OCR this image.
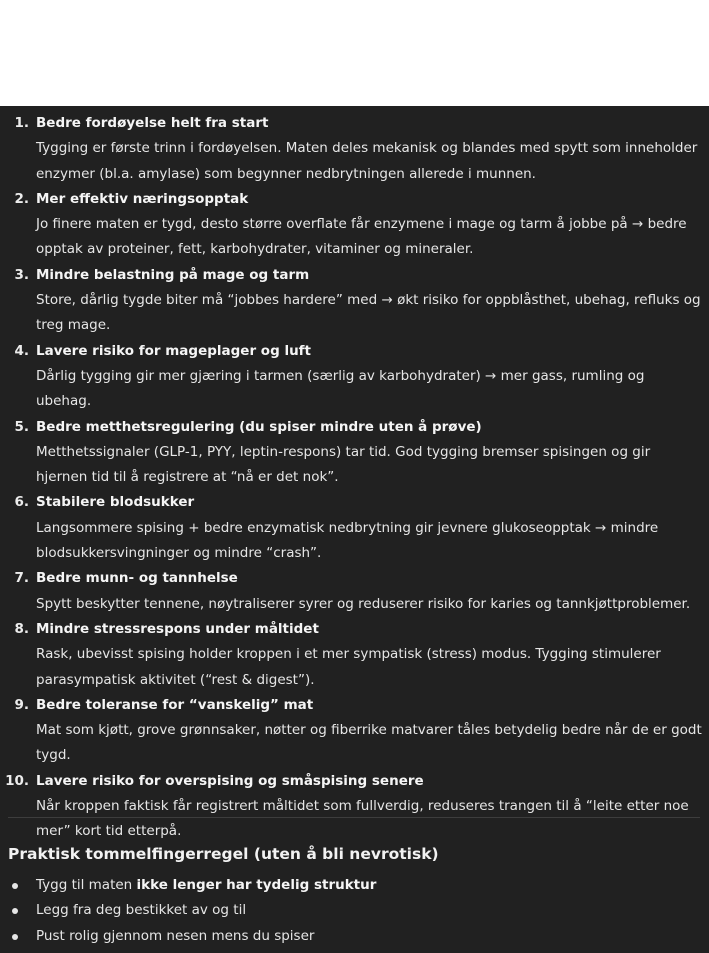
1. Bedre fordøyelse helt fra start
Tygging er første trinn i fordøyelsen. Maten deles mekanisk og blandes med spytt som inneholder enzymer (bl.a. amylase) som begynner nedbrytningen allerede i munnen.
2. Mer effektiv næringsopptak
Jo finere maten er tygd, desto større overflate får enzymene i mage og tarm å jobbe på → bedre opptak av proteiner, fett, karbohydrater, vitaminer og mineraler.
3. Mindre belastning på mage og tarm
Store, dårlig tygde biter må “jobbes hardere” med → økt risiko for oppblåsthet, ubehag, refluks og treg mage.
4. Lavere risiko for mageplager og luft
Dårlig tygging gir mer gjæring i tarmen (særlig av karbohydrater) → mer gass, rumling og ubehag.
5. Bedre metthetsregulering (du spiser mindre uten å prøve)
Metthetssignaler (GLP-1, PYY, leptin-respons) tar tid. God tygging bremser spisingen og gir hjernen tid til å registrere at “nå er det nok”.
6. Stabilere blodsukker
Langsommere spising + bedre enzymatisk nedbrytning gir jevnere glukoseopptak → mindre blodsukkersvingninger og mindre “crash”.
7. Bedre munn- og tannhelse
Spytt beskytter tennene, nøytraliserer syrer og reduserer risiko for karies og tannkjøttproblemer.
8. Mindre stressrespons under måltidet
Rask, ubevisst spising holder kroppen i et mer sympatisk (stress) modus. Tygging stimulerer parasympatisk aktivitet (“rest & digest”).
9. Bedre toleranse for “vanskelig” mat
Mat som kjøtt, grove grønnsaker, nøtter og fiberrike matvarer tåles betydelig bedre når de er godt tygd.
10. Lavere risiko for overspising og småspising senere
Når kroppen faktisk får registrert måltidet som fullverdig, reduseres trangen til å “leite etter noe mer” kort tid etterpå.
Praktisk tommelfingerregel (uten å bli nevrotisk)
Tygg til maten ikke lenger har tydelig struktur
Legg fra deg bestikket av og til
Pust rolig gjennom nesen mens du spiser
